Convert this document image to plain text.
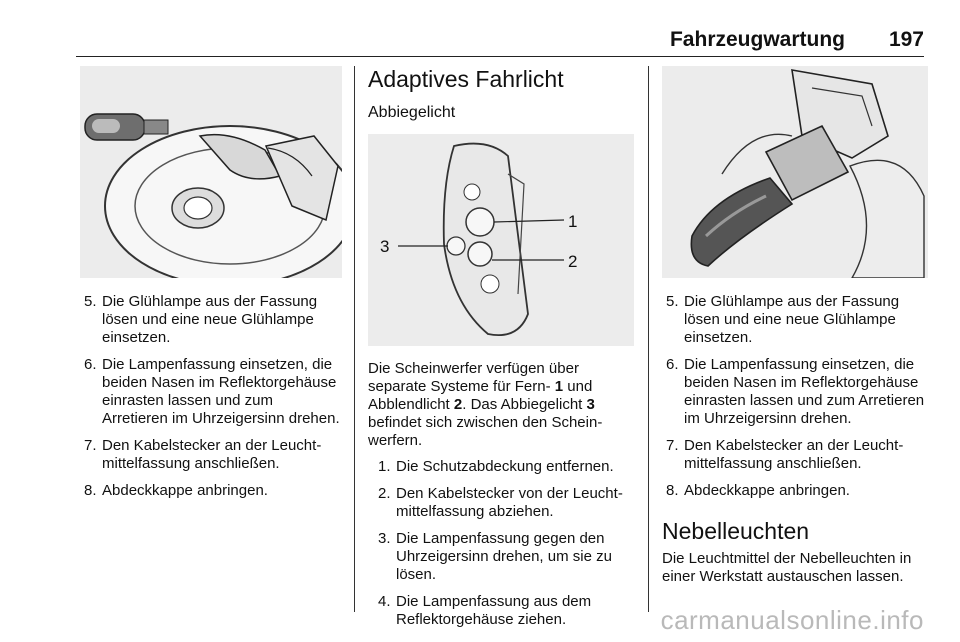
Fahrzeugwartung 197
5. Die Glühlampe aus der Fassung lösen und eine neue Glühlampe einsetzen.
6. Die Lampenfassung einsetzen, die beiden Nasen im Reflektorgehäuse einrasten lassen und zum Arretieren im Uhrzeigersinn drehen.
7. Den Kabelstecker an der Leuchtmittelfassung anschließen.
8. Abdeckkappe anbringen.
Adaptives Fahrlicht
Abbiegelicht
1
2
3

Die Scheinwerfer verfügen über separate Systeme für Fern- 1 und Abblendlicht 2. Das Abbiegelicht 3 befindet sich zwischen den Scheinwerfern.

1. Die Schutzabdeckung entfernen.
2. Den Kabelstecker von der Leuchtmittelfassung abziehen.
3. Die Lampenfassung gegen den Uhrzeigersinn drehen, um sie zu lösen.
4. Die Lampenfassung aus dem Reflektorgehäuse ziehen.
5. Die Glühlampe aus der Fassung lösen und eine neue Glühlampe einsetzen.
6. Die Lampenfassung einsetzen, die beiden Nasen im Reflektorgehäuse einrasten lassen und zum Arretieren im Uhrzeigersinn drehen.
7. Den Kabelstecker an der Leuchtmittelfassung anschließen.
8. Abdeckkappe anbringen.
Nebelleuchten

Die Leuchtmittel der Nebelleuchten in einer Werkstatt austauschen lassen.

carmanualsonline.info
